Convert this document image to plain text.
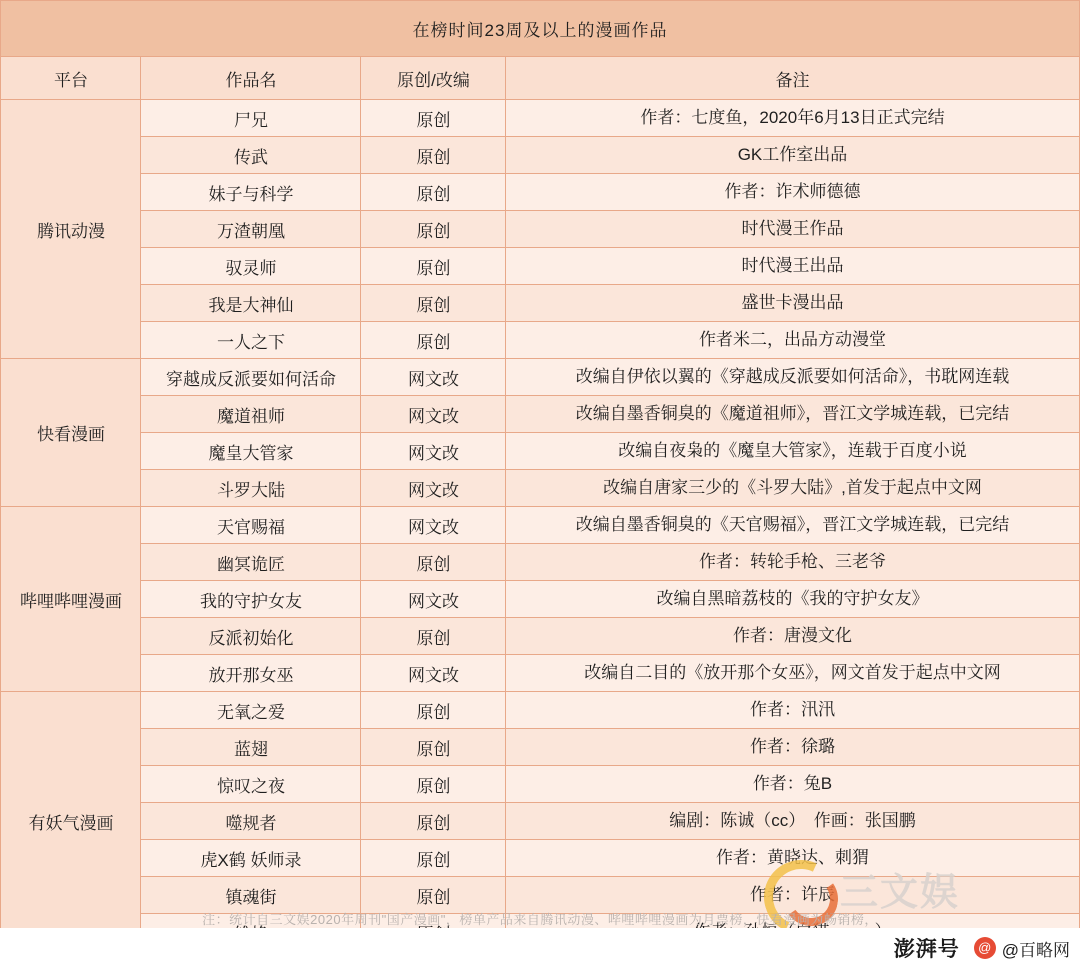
在榜时间23周及以上的漫画作品			
平台	作品名	原创/改编	备注
腾讯动漫	尸兄	原创	作者：七度鱼，2020年6月13日正式完结
	传武	原创	GK工作室出品
	妹子与科学	原创	作者：诈术师德德
	万渣朝凰	原创	时代漫王作品
	驭灵师	原创	时代漫王出品
	我是大神仙	原创	盛世卡漫出品
	一人之下	原创	作者米二，出品方动漫堂
快看漫画	穿越成反派要如何活命	网文改	改编自伊依以翼的《穿越成反派要如何活命》，书耽网连载
	魔道祖师	网文改	改编自墨香铜臭的《魔道祖师》，晋江文学城连载，已完结
	魔皇大管家	网文改	改编自夜枭的《魔皇大管家》，连载于百度小说
	斗罗大陆	网文改	改编自唐家三少的《斗罗大陆》,首发于起点中文网
哔哩哔哩漫画	天官赐福	网文改	改编自墨香铜臭的《天官赐福》，晋江文学城连载，已完结
	幽冥诡匠	原创	作者：转轮手枪、三老爷
	我的守护女友	网文改	改编自黑暗荔枝的《我的守护女友》
	反派初始化	原创	作者：唐漫文化
	放开那女巫	网文改	改编自二目的《放开那个女巫》，网文首发于起点中文网
有妖气漫画	无氧之爱	原创	作者：汛汛
	蓝翅	原创	作者：徐璐
	惊叹之夜	原创	作者：兔B
	噬规者	原创	编剧：陈诚（cc）　作画：张国鹏
	虎X鹤 妖师录	原创	作者：黄晓达、刺猬
	镇魂街	原创	作者：许辰
		三文娱
注：统计自三文娱2020年周刊"国产漫画"，榜单产品来自腾讯动漫、哔哩哔哩漫画为月票榜，快看漫画为畅销榜，
澎湃号	@ @百略网
